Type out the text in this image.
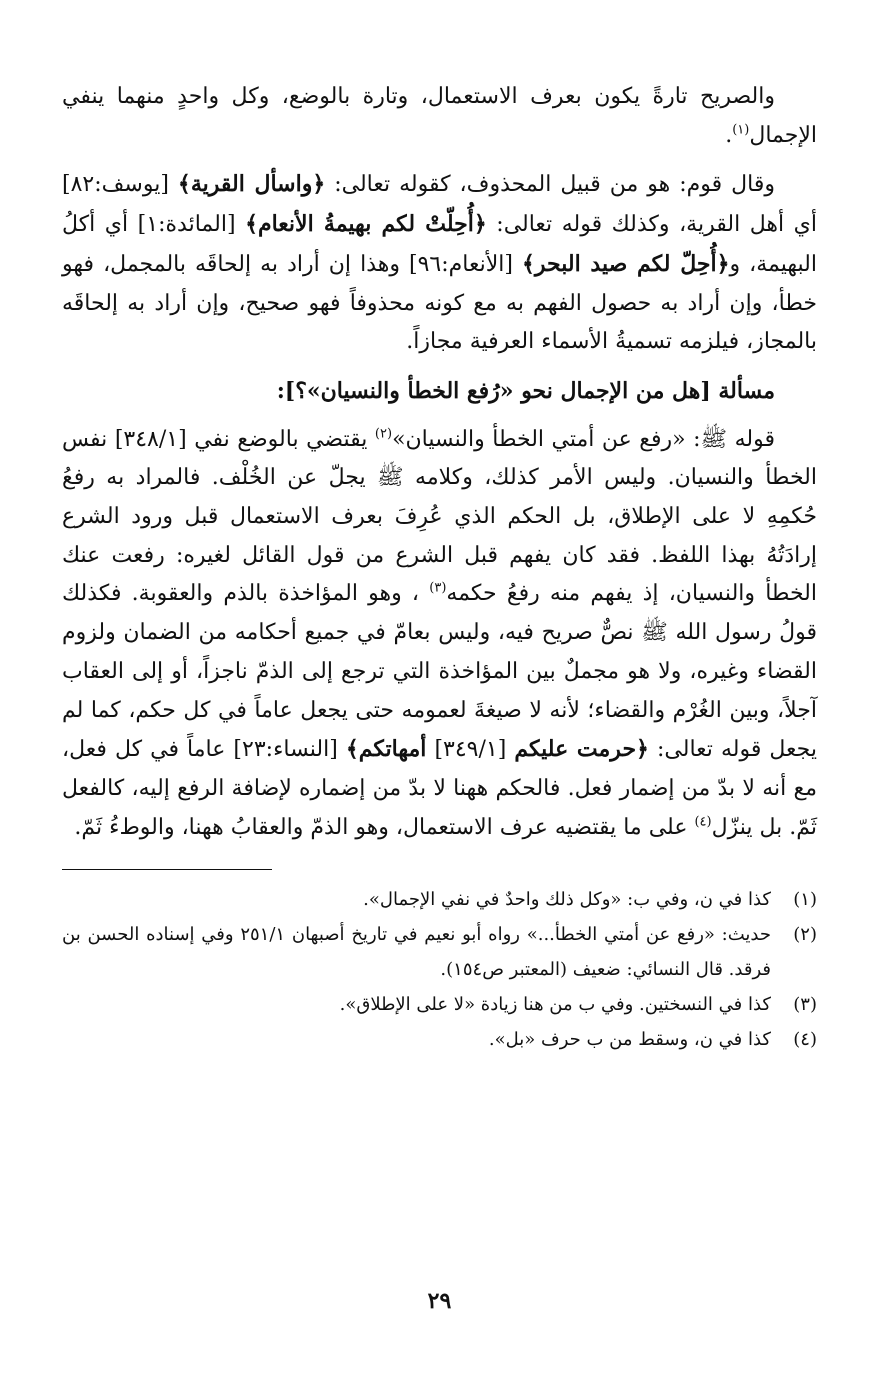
والصريح تارةً يكون بعرف الاستعمال، وتارة بالوضع، وكل واحدٍ منهما ينفي الإجمال$^{(١)}$.

وقال قوم: هو من قبيل المحذوف، كقوله تعالى: ﴿واسأل القرية﴾ [يوسف:٨٢] أي أهل القرية، وكذلك قوله تعالى: ﴿أُحِلّتْ لكم بهيمةُ الأنعام﴾ [المائدة:١] أي أكلُ البهيمة، و﴿أُحِلّ لكم صيد البحر﴾ [الأنعام:٩٦] وهذا إن أراد به إلحاقَه بالمجمل، فهو خطأ، وإن أراد به حصول الفهم به مع كونه محذوفاً فهو صحيح، وإن أراد به إلحاقَه بالمجاز، فيلزمه تسميةُ الأسماء العرفية مجازاً.

مسألة [هل من الإجمال نحو «رُفع الخطأ والنسيان»؟]:

قوله ﷺ: «رفع عن أمتي الخطأ والنسيان»$^{(٢)}$ يقتضي بالوضع نفي [٣٤٨/١] نفس الخطأ والنسيان. وليس الأمر كذلك، وكلامه ﷺ يجلّ عن الخُلْف. فالمراد به رفعُ حُكمِهِ لا على الإطلاق، بل الحكم الذي عُرِفَ بعرف الاستعمال قبل ورود الشرع إرادَتُهُ بهذا اللفظ. فقد كان يفهم قبل الشرع من قول القائل لغيره: رفعت عنك الخطأ والنسيان، إذ يفهم منه رفعُ حكمه$^{(٣)}$ ، وهو المؤاخذة بالذم والعقوبة. فكذلك قولُ رسول الله ﷺ نصٌّ صريح فيه، وليس بعامّ في جميع أحكامه من الضمان ولزوم القضاء وغيره، ولا هو مجملٌ بين المؤاخذة التي ترجع إلى الذمّ ناجزاً، أو إلى العقاب آجلاً، وبين الغُرْم والقضاء؛ لأنه لا صيغةَ لعمومه حتى يجعل عاماً في كل حكم، كما لم يجعل قوله تعالى: ﴿حرمت عليكم [٣٤٩/١] أمهاتكم﴾ [النساء:٢٣] عاماً في كل فعل، مع أنه لا بدّ من إضمار فعل. فالحكم ههنا لا بدّ من إضماره لإضافة الرفع إليه، كالفعل ثَمّ. بل ينزّل$^{(٤)}$ على ما يقتضيه عرف الاستعمال، وهو الذمّ والعقابُ ههنا، والوطءُ ثَمّ.

(١)
كذا في ن، وفي ب: «وكل ذلك واحدٌ في نفي الإجمال».
(٢)
حديث: «رفع عن أمتي الخطأ...» رواه أبو نعيم في تاريخ أصبهان ٢٥١/١ وفي إسناده الحسن بن فرقد. قال النسائي: ضعيف (المعتبر ص١٥٤).
(٣)
كذا في النسختين. وفي ب من هنا زيادة «لا على الإطلاق».
(٤)
كذا في ن، وسقط من ب حرف «بل».
٢٩
